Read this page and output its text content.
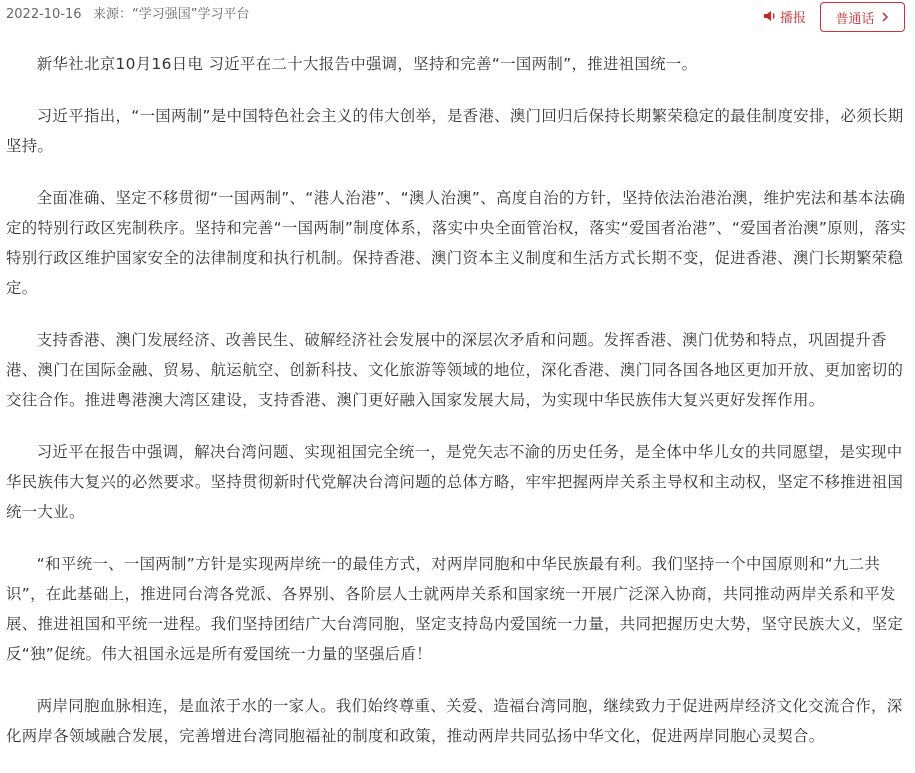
2022-10-16 来源：“学习强国”学习平台	播报 普通话

新华社北京10月16日电 习近平在二十大报告中强调，坚持和完善“一国两制”，推进祖国统一。

习近平指出，“一国两制”是中国特色社会主义的伟大创举，是香港、澳门回归后保持长期繁荣稳定的最佳制度安排，必须长期坚持。

全面准确、坚定不移贯彻“一国两制”、“港人治港”、“澳人治澳”、高度自治的方针，坚持依法治港治澳，维护宪法和基本法确定的特别行政区宪制秩序。坚持和完善“一国两制”制度体系，落实中央全面管治权，落实“爱国者治港”、“爱国者治澳”原则，落实特别行政区维护国家安全的法律制度和执行机制。保持香港、澳门资本主义制度和生活方式长期不变，促进香港、澳门长期繁荣稳定。

支持香港、澳门发展经济、改善民生、破解经济社会发展中的深层次矛盾和问题。发挥香港、澳门优势和特点，巩固提升香港、澳门在国际金融、贸易、航运航空、创新科技、文化旅游等领域的地位，深化香港、澳门同各国各地区更加开放、更加密切的交往合作。推进粤港澳大湾区建设，支持香港、澳门更好融入国家发展大局，为实现中华民族伟大复兴更好发挥作用。

习近平在报告中强调，解决台湾问题、实现祖国完全统一，是党矢志不渝的历史任务，是全体中华儿女的共同愿望，是实现中华民族伟大复兴的必然要求。坚持贯彻新时代党解决台湾问题的总体方略，牢牢把握两岸关系主导权和主动权，坚定不移推进祖国统一大业。

“和平统一、一国两制”方针是实现两岸统一的最佳方式，对两岸同胞和中华民族最有利。我们坚持一个中国原则和“九二共识”，在此基础上，推进同台湾各党派、各界别、各阶层人士就两岸关系和国家统一开展广泛深入协商，共同推动两岸关系和平发展、推进祖国和平统一进程。我们坚持团结广大台湾同胞，坚定支持岛内爱国统一力量，共同把握历史大势，坚守民族大义，坚定反“独”促统。伟大祖国永远是所有爱国统一力量的坚强后盾！

两岸同胞血脉相连，是血浓于水的一家人。我们始终尊重、关爱、造福台湾同胞，继续致力于促进两岸经济文化交流合作，深化两岸各领域融合发展，完善增进台湾同胞福祉的制度和政策，推动两岸共同弘扬中华文化，促进两岸同胞心灵契合。
